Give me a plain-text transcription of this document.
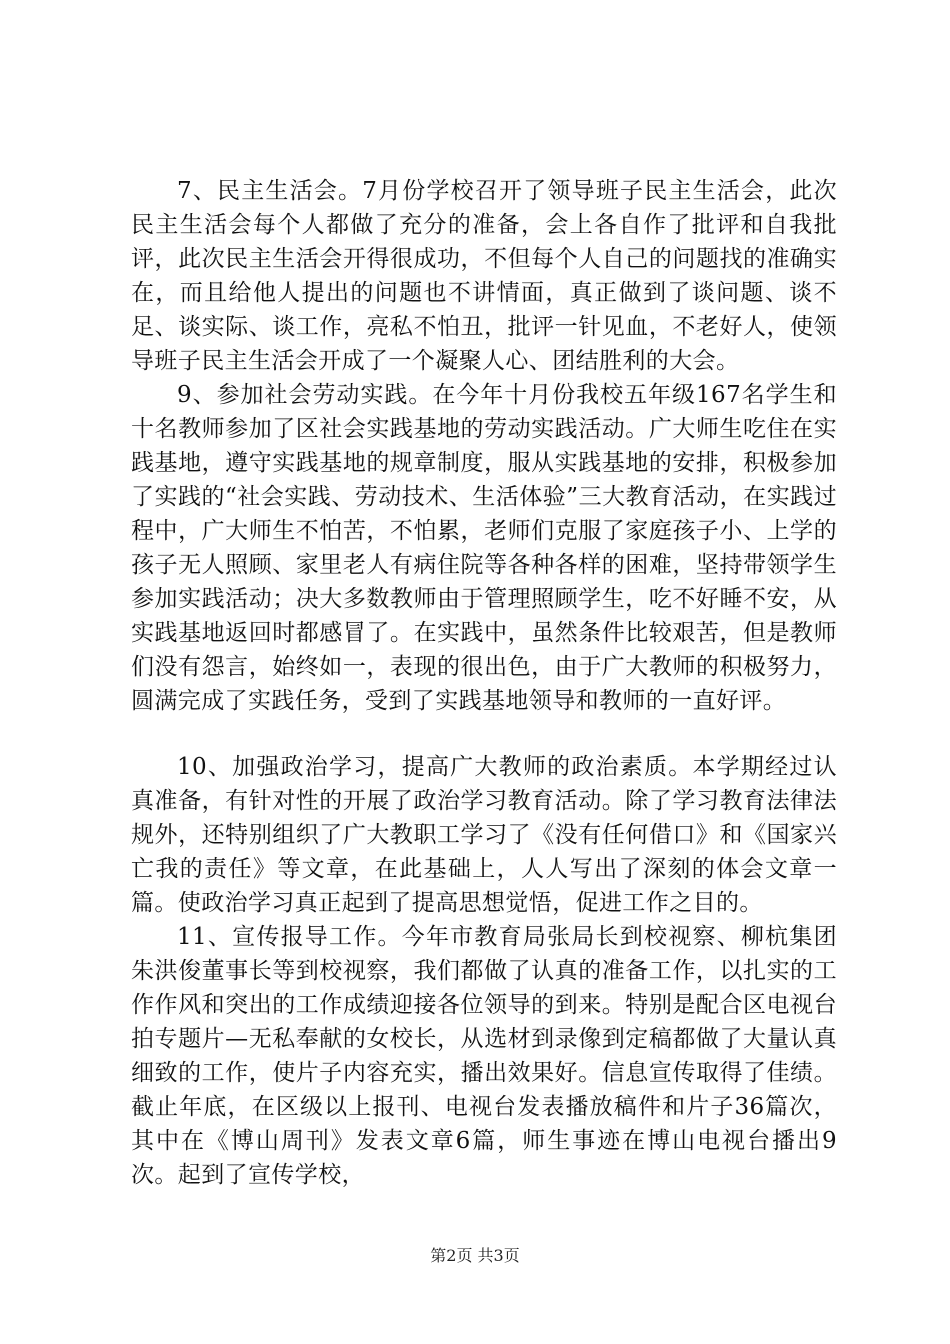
7、民主生活会。7月份学校召开了领导班子民主生活会，此次民主生活会每个人都做了充分的准备，会上各自作了批评和自我批评，此次民主生活会开得很成功，不但每个人自己的问题找的准确实在，而且给他人提出的问题也不讲情面，真正做到了谈问题、谈不足、谈实际、谈工作，亮私不怕丑，批评一针见血，不老好人，使领导班子民主生活会开成了一个凝聚人心、团结胜利的大会。

9、参加社会劳动实践。在今年十月份我校五年级167名学生和十名教师参加了区社会实践基地的劳动实践活动。广大师生吃住在实践基地，遵守实践基地的规章制度，服从实践基地的安排，积极参加了实践的“社会实践、劳动技术、生活体验”三大教育活动，在实践过程中，广大师生不怕苦，不怕累，老师们克服了家庭孩子小、上学的孩子无人照顾、家里老人有病住院等各种各样的困难，坚持带领学生参加实践活动；决大多数教师由于管理照顾学生，吃不好睡不安，从实践基地返回时都感冒了。在实践中，虽然条件比较艰苦，但是教师们没有怨言，始终如一，表现的很出色，由于广大教师的积极努力，圆满完成了实践任务，受到了实践基地领导和教师的一直好评。

10、加强政治学习，提高广大教师的政治素质。本学期经过认真准备，有针对性的开展了政治学习教育活动。除了学习教育法律法规外，还特别组织了广大教职工学习了《没有任何借口》和《国家兴亡我的责任》等文章，在此基础上，人人写出了深刻的体会文章一篇。使政治学习真正起到了提高思想觉悟，促进工作之目的。

11、宣传报导工作。今年市教育局张局长到校视察、柳杭集团朱洪俊董事长等到校视察，我们都做了认真的准备工作，以扎实的工作作风和突出的工作成绩迎接各位领导的到来。特别是配合区电视台拍专题片—无私奉献的女校长，从选材到录像到定稿都做了大量认真细致的工作，使片子内容充实，播出效果好。信息宣传取得了佳绩。截止年底，在区级以上报刊、电视台发表播放稿件和片子36篇次，其中在《博山周刊》发表文章6篇，师生事迹在博山电视台播出9次。起到了宣传学校，

第2页 共3页
